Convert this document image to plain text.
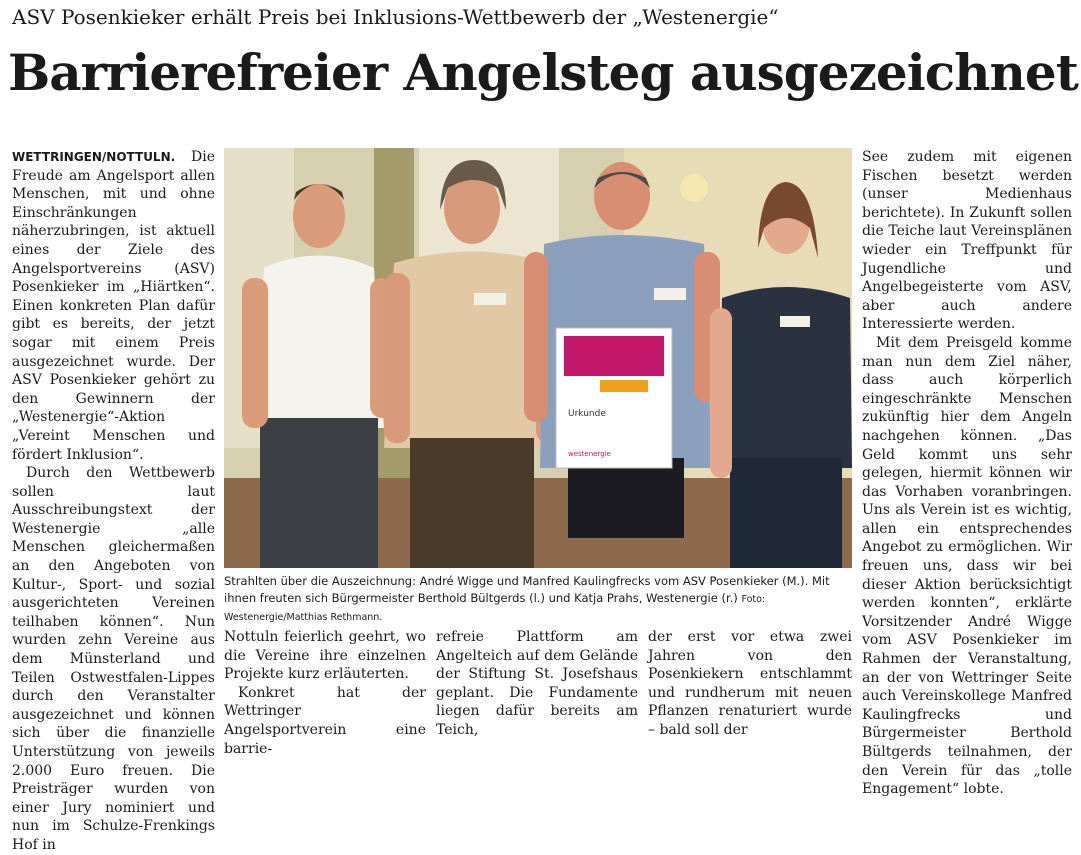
ASV Posenkieker erhält Preis bei Inklusions-Wettbewerb der „Westenergie“
Barrierefreier Angelsteg ausgezeichnet

WETTRINGEN/NOTTULN. Die Freude am Angelsport allen Menschen, mit und ohne Einschränkungen näherzubringen, ist aktuell eines der Ziele des Angelsportvereins (ASV) Posenkieker im „Hiärtken“. Einen konkreten Plan dafür gibt es bereits, der jetzt sogar mit einem Preis ausgezeichnet wurde. Der ASV Posenkieker gehört zu den Gewinnern der „Westenergie“-Aktion „Vereint Menschen und fördert Inklusion“.

Durch den Wettbewerb sollen laut Ausschreibungstext der Westenergie „alle Menschen gleichermaßen an den Angeboten von Kultur-, Sport- und sozial ausgerichteten Vereinen teilhaben können“. Nun wurden zehn Vereine aus dem Münsterland und Teilen Ostwestfalen-Lippes durch den Veranstalter ausgezeichnet und können sich über die finanzielle Unterstützung von jeweils 2.000 Euro freuen. Die Preisträger wurden von einer Jury nominiert und nun im Schulze-Frenkings Hof in

Urkunde
westenergie
Strahlten über die Auszeichnung: André Wigge und Manfred Kaulingfrecks vom ASV Posenkieker (M.). Mit ihnen freuten sich Bürgermeister Berthold Bültgerds (l.) und Katja Prahs, Westenergie (r.) Foto: Westenergie/Matthias Rethmann.

Nottuln feierlich geehrt, wo die Vereine ihre einzelnen Projekte kurz erläuterten.

Konkret hat der Wettringer Angelsportverein eine barrie-

refreie Plattform am Angelteich auf dem Gelände der Stiftung St. Josefshaus geplant. Die Fundamente liegen dafür bereits am Teich,

der erst vor etwa zwei Jahren von den Posenkiekern entschlammt und rundherum mit neuen Pflanzen renaturiert wurde – bald soll der

See zudem mit eigenen Fischen besetzt werden (unser Medienhaus berichtete). In Zukunft sollen die Teiche laut Vereinsplänen wieder ein Treffpunkt für Jugendliche und Angelbegeisterte vom ASV, aber auch andere Interessierte werden.

Mit dem Preisgeld komme man nun dem Ziel näher, dass auch körperlich eingeschränkte Menschen zukünftig hier dem Angeln nachgehen können. „Das Geld kommt uns sehr gelegen, hiermit können wir das Vorhaben voranbringen. Uns als Verein ist es wichtig, allen ein entsprechendes Angebot zu ermöglichen. Wir freuen uns, dass wir bei dieser Aktion berücksichtigt werden konnten“, erklärte Vorsitzender André Wigge vom ASV Posenkieker im Rahmen der Veranstaltung, an der von Wettringer Seite auch Vereinskollege Manfred Kaulingfrecks und Bürgermeister Berthold Bültgerds teilnahmen, der den Verein für das „tolle Engagement“ lobte.
